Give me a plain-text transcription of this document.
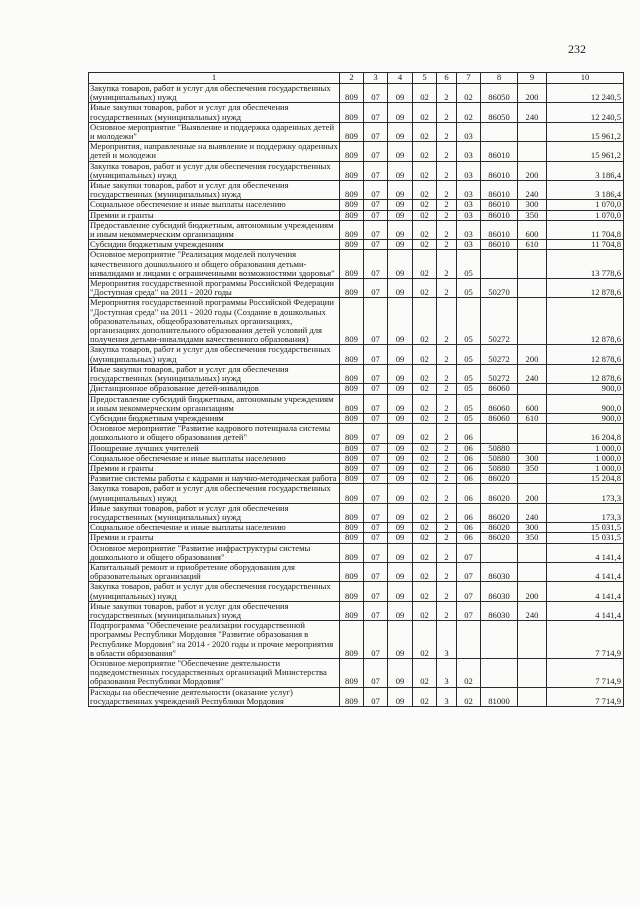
232
1	2	3	4	5	6	7	8	9	10
Закупка товаров, работ и услуг для обеспечения государственных (муниципальных) нужд	809	07	09	02	2	02	86050	200	12 240,5
Иные закупки товаров, работ и услуг для обеспечения государственных (муниципальных) нужд	809	07	09	02	2	02	86050	240	12 240,5
Основное мероприятие "Выявление и поддержка одаренных детей и молодежи"	809	07	09	02	2	03			15 961,2
Мероприятия, направленные на выявление и поддержку одаренных детей и молодежи	809	07	09	02	2	03	86010		15 961,2
Закупка товаров, работ и услуг для обеспечения государственных (муниципальных) нужд	809	07	09	02	2	03	86010	200	3 186,4
Иные закупки товаров, работ и услуг для обеспечения государственных (муниципальных) нужд	809	07	09	02	2	03	86010	240	3 186,4
Социальное обеспечение и иные выплаты населению	809	07	09	02	2	03	86010	300	1 070,0
Премии и гранты	809	07	09	02	2	03	86010	350	1 070,0
Предоставление субсидий бюджетным, автономным учреждениям и иным некоммерческим организациям	809	07	09	02	2	03	86010	600	11 704,8
Субсидии бюджетным учреждениям	809	07	09	02	2	03	86010	610	11 704,8
Основное мероприятие "Реализация моделей получения качественного дошкольного и общего образования детьми-инвалидами и лицами с ограниченными возможностями здоровья"	809	07	09	02	2	05			13 778,6
Мероприятия государственной программы Российской Федерации "Доступная среда" на 2011 - 2020 годы	809	07	09	02	2	05	50270		12 878,6
Мероприятия государственной программы Российской Федерации "Доступная среда" на 2011 - 2020 годы (Создание в дошкольных образовательных, общеобразовательных организациях, организациях дополнительного образования детей условий для получения детьми-инвалидами качественного образования)	809	07	09	02	2	05	50272		12 878,6
Закупка товаров, работ и услуг для обеспечения государственных (муниципальных) нужд	809	07	09	02	2	05	50272	200	12 878,6
Иные закупки товаров, работ и услуг для обеспечения государственных (муниципальных) нужд	809	07	09	02	2	05	50272	240	12 878,6
Дистанционное образование детей-инвалидов	809	07	09	02	2	05	86060		900,0
Предоставление субсидий бюджетным, автономным учреждениям и иным некоммерческим организациям	809	07	09	02	2	05	86060	600	900,0
Субсидии бюджетным учреждениям	809	07	09	02	2	05	86060	610	900,0
Основное мероприятие "Развитие кадрового потенциала системы дошкольного и общего образования детей"	809	07	09	02	2	06			16 204,8
Поощрение лучших учителей	809	07	09	02	2	06	50880		1 000,0
Социальное обеспечение и иные выплаты населению	809	07	09	02	2	06	50880	300	1 000,0
Премии и гранты	809	07	09	02	2	06	50880	350	1 000,0
Развитие системы работы с кадрами и научно-методическая работа	809	07	09	02	2	06	86020		15 204,8
Закупка товаров, работ и услуг для обеспечения государственных (муниципальных) нужд	809	07	09	02	2	06	86020	200	173,3
Иные закупки товаров, работ и услуг для обеспечения государственных (муниципальных) нужд	809	07	09	02	2	06	86020	240	173,3
Социальное обеспечение и иные выплаты населению	809	07	09	02	2	06	86020	300	15 031,5
Премии и гранты	809	07	09	02	2	06	86020	350	15 031,5
Основное мероприятие "Развитие инфраструктуры системы дошкольного и общего образования"	809	07	09	02	2	07			4 141,4
Капитальный ремонт и приобретение оборудования для образовательных организаций	809	07	09	02	2	07	86030		4 141,4
Закупка товаров, работ и услуг для обеспечения государственных (муниципальных) нужд	809	07	09	02	2	07	86030	200	4 141,4
Иные закупки товаров, работ и услуг для обеспечения государственных (муниципальных) нужд	809	07	09	02	2	07	86030	240	4 141,4
Подпрограмма "Обеспечение реализации государственной программы Республики Мордовия "Развитие образования в Республике Мордовия" на 2014 - 2020 годы и прочие мероприятия в области образования"	809	07	09	02	3				7 714,9
Основное мероприятие "Обеспечение деятельности подведомственных государственных организаций Министерства образования Республики Мордовия"	809	07	09	02	3	02			7 714,9
Расходы на обеспечение деятельности (оказание услуг) государственных учреждений Республики Мордовия	809	07	09	02	3	02	81000		7 714,9
